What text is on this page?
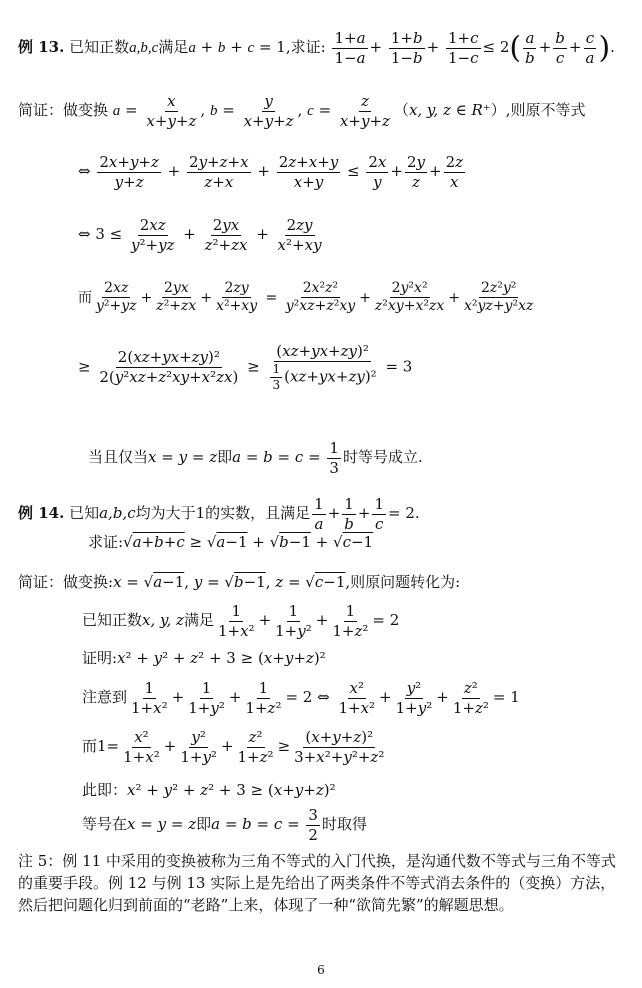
例 13. 已知正数a,b,c满足a + b + c = 1,求证: $\frac{1+a}{1-a} + \frac{1+b}{1-b} + \frac{1+c}{1-c} \le 2( \frac{a}{b} + \frac{b}{c} + \frac{c}{a}$ ).
简证：做变换 $a = \frac{x}{x+y+z}$ , $b = \frac{y}{x+y+z}$ , $c = \frac{z}{x+y+z} (x$, y, z ∈ R⁺）,则原不等式
⇔ $\frac{2x+y+z}{y+z} + \frac{2y+z+x}{z+x} + \frac{2z+x+y}{x+y} \le \frac{2x}{y} + \frac{2y}{z} + \frac{2z}{x}$
⇔ $3 \le \frac{2xz}{\text{y²+yz}} + \frac{2yx}{\text{z²+zx}} + \frac{2zy}{\text{x²+xy}}$
而 $\frac{2xz}{\text{y²+yz}} + \frac{2yx}{\text{z²+zx}} + \frac{2zy}{\text{x²+xy}} = \frac{\text{2x²z²}}{\text{y²xz+z²xy}} + \frac{\text{2y²x²}}{\text{z²xy+x²zx}} + \frac{\text{2z²y²}}{\text{x²yz+y²xz}}$
≥ $\frac{\text{2(xz+yx+zy)²}}{\text{2(y²xz+z²xy+x²zx)}} \ge \frac{\text{(xz+yx+zy)²}}{\frac{1}{3} (xz+yx+zy)^2} = 3$
当且仅当x = y = z即$a = b = c = \frac{1}{3}$ 时等号成立.
例 14. 已知a,b,c均为大于1的实数，且满足 $\frac{1}{a} + \frac{1}{b} + \frac{1}{c} = 2$.
求证:√a+b+c ≥ √a−1 + √b−1 + √c−1
简证：做变换:x = √a−1, y = √b−1, z = √c−1,则原问题转化为:
已知正数x, y, z满足 $\frac{1}{\text{1+x²}} + \frac{1}{\text{1+y²}} + \frac{1}{\text{1+z²}} = 2$
证明:x² + y² + z² + 3 ≥ (x+y+z)²
注意到 $\frac{1}{\text{1+x²}} + \frac{1}{\text{1+y²}} + \frac{1}{\text{1+z²}} = 2$ ⇔ $\frac{\text{x²}}{\text{1+x²}} + \frac{\text{y²}}{\text{1+y²}} + \frac{\text{z²}}{\text{1+z²}} = 1$
而$1= \frac{\text{x²}}{\text{1+x²}} + \frac{\text{y²}}{\text{1+y²}} + \frac{\text{z²}}{\text{1+z²}} \ge \frac{\text{(x+y+z)²}}{\text{3+x²+y²+z²}}$
此即：x² + y² + z² + 3 ≥ (x+y+z)²
等号在x = y = z即$a = b = c = \frac{3}{2}$ 时取得
注 5：例 11 中采用的变换被称为三角不等式的入门代换，是沟通代数不等式与三角不等式的重要手段。例 12 与例 13 实际上是先给出了两类条件不等式消去条件的（变换）方法，然后把问题化归到前面的“老路”上来，体现了一种“欲简先繁”的解题思想。
6
